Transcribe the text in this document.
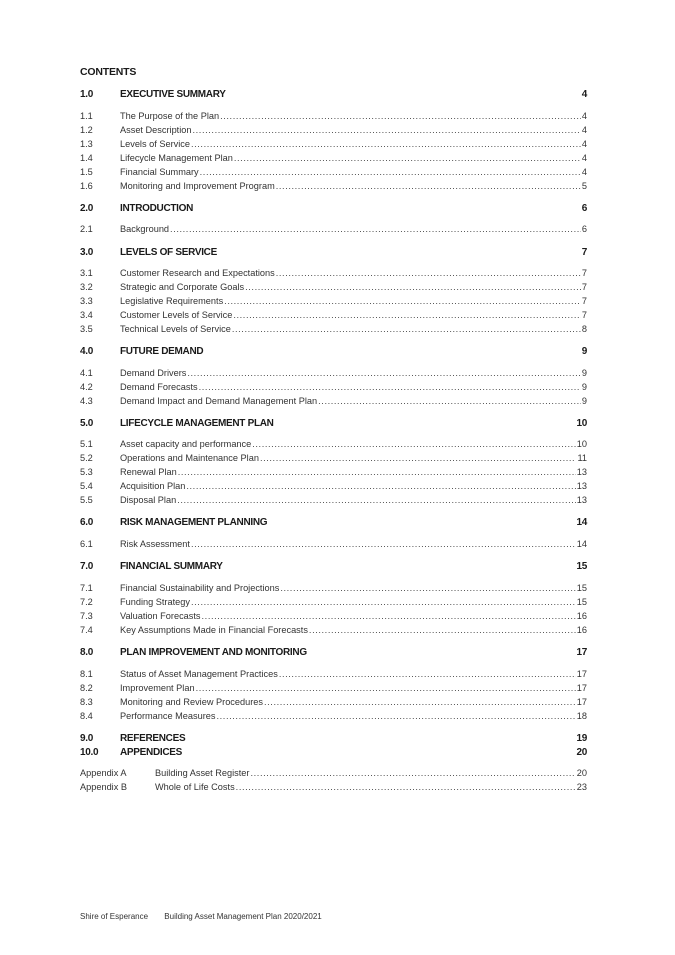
CONTENTS
1.0	EXECUTIVE SUMMARY	4
1.1	The Purpose of the Plan .....	4
1.2	Asset Description .....	4
1.3	Levels of Service .....	4
1.4	Lifecycle Management Plan .....	4
1.5	Financial Summary .....	4
1.6	Monitoring and Improvement Program .....	5
2.0	INTRODUCTION	6
2.1	Background .....	6
3.0	LEVELS OF SERVICE	7
3.1	Customer Research and Expectations .....	7
3.2	Strategic and Corporate Goals .....	7
3.3	Legislative Requirements .....	7
3.4	Customer Levels of Service .....	7
3.5	Technical Levels of Service .....	8
4.0	FUTURE DEMAND	9
4.1	Demand Drivers .....	9
4.2	Demand Forecasts .....	9
4.3	Demand Impact and Demand Management Plan .....	9
5.0	LIFECYCLE MANAGEMENT PLAN	10
5.1	Asset capacity and performance .....	10
5.2	Operations and Maintenance Plan .....	11
5.3	Renewal Plan .....	13
5.4	Acquisition Plan .....	13
5.5	Disposal Plan .....	13
6.0	RISK MANAGEMENT PLANNING	14
6.1	Risk Assessment .....	14
7.0	FINANCIAL SUMMARY	15
7.1	Financial Sustainability and Projections .....	15
7.2	Funding Strategy .....	15
7.3	Valuation Forecasts .....	16
7.4	Key Assumptions Made in Financial Forecasts .....	16
8.0	PLAN IMPROVEMENT AND MONITORING	17
8.1	Status of Asset Management Practices .....	17
8.2	Improvement Plan .....	17
8.3	Monitoring and Review Procedures .....	17
8.4	Performance Measures .....	18
9.0	REFERENCES	19
10.0 APPENDICES	20
Appendix A	Building Asset Register .....	20
Appendix B	Whole of Life Costs .....	23
Shire of Esperance Building Asset Management Plan 2020/2021
